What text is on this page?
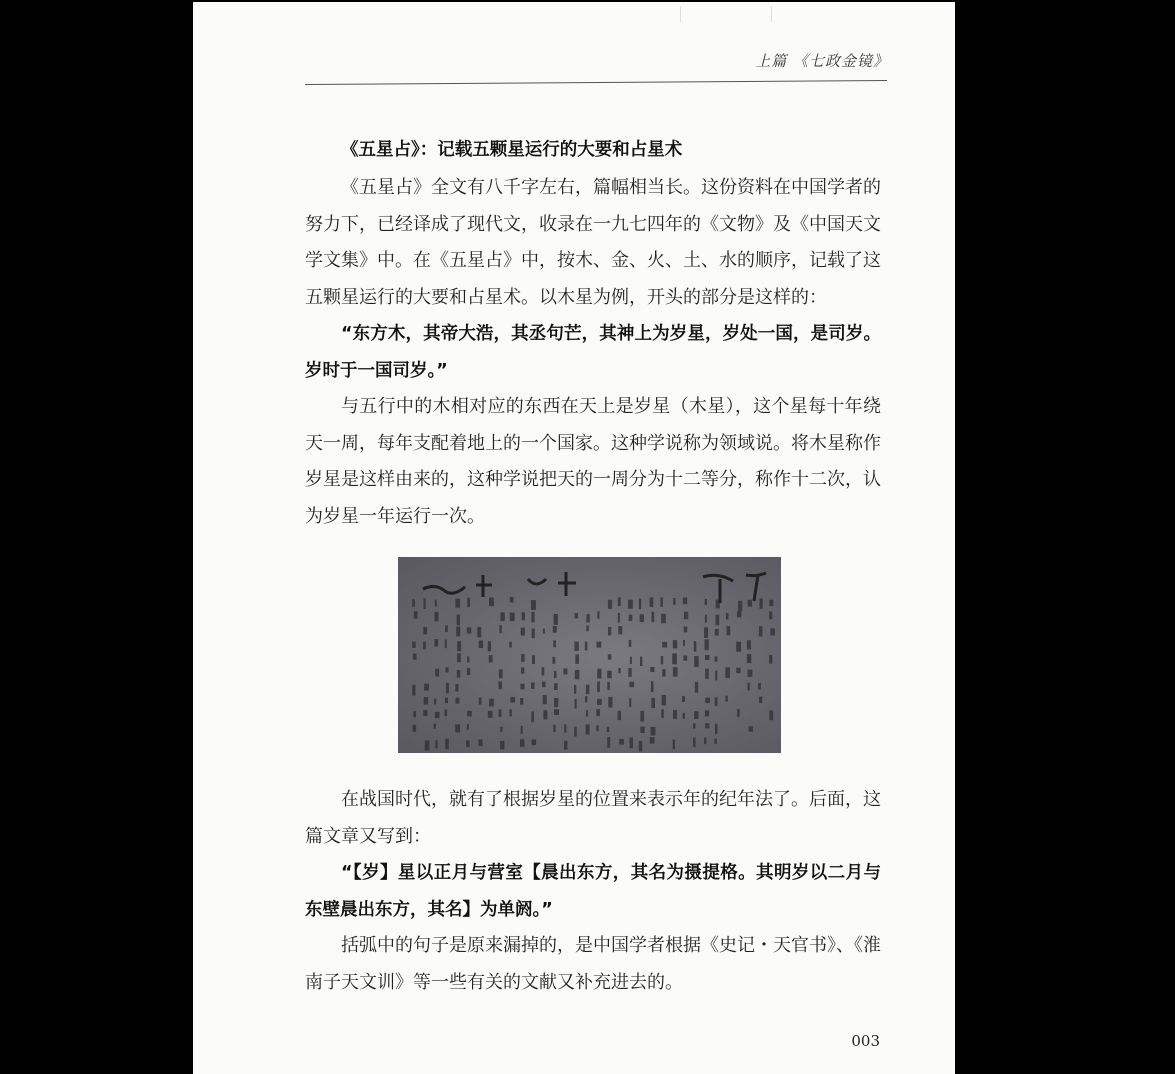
上篇 《七政金镜》

《五星占》：记载五颗星运行的大要和占星术

《五星占》全文有八千字左右，篇幅相当长。这份资料在中国学者的努力下，已经译成了现代文，收录在一九七四年的《文物》及《中国天文学文集》中。在《五星占》中，按木、金、火、土、水的顺序，记载了这五颗星运行的大要和占星术。以木星为例，开头的部分是这样的：

“东方木，其帝大浩，其丞句芒，其神上为岁星，岁处一国，是司岁。岁时于一国司岁。”

与五行中的木相对应的东西在天上是岁星（木星），这个星每十年绕天一周，每年支配着地上的一个国家。这种学说称为领域说。将木星称作岁星是这样由来的，这种学说把天的一周分为十二等分，称作十二次，认为岁星一年运行一次。

在战国时代，就有了根据岁星的位置来表示年的纪年法了。后面，这篇文章又写到：

“【岁】星以正月与营室【晨出东方，其名为摄提格。其明岁以二月与东壁晨出东方，其名】为单阏。”

括弧中的句子是原来漏掉的，是中国学者根据《史记・天官书》、《淮南子天文训》等一些有关的文献又补充进去的。

003
